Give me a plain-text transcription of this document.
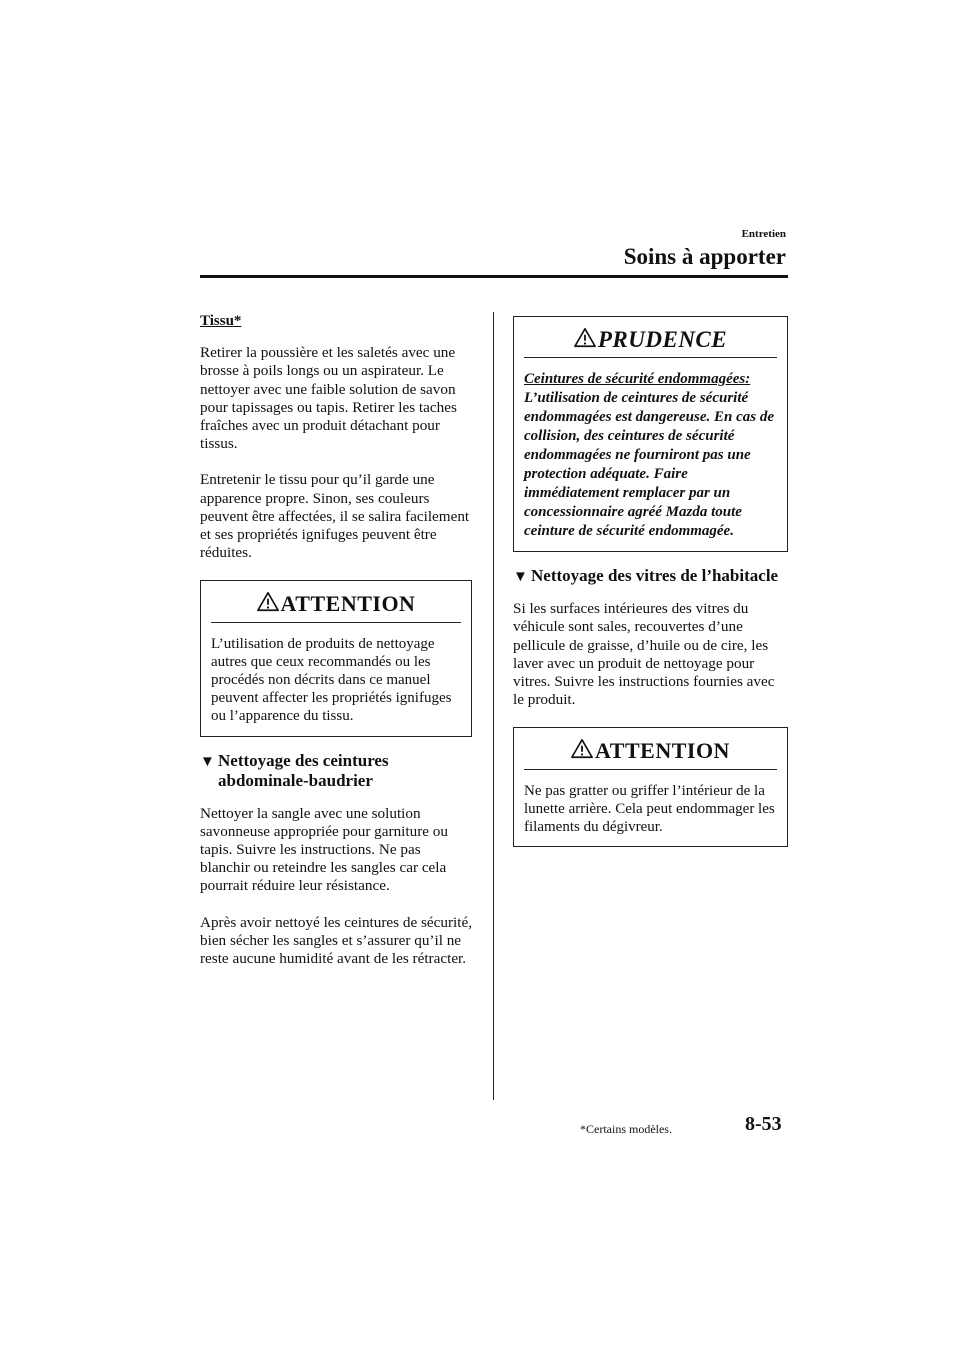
Entretien
Soins à apporter
Tissu*

Retirer la poussière et les saletés avec une brosse à poils longs ou un aspirateur. Le nettoyer avec une faible solution de savon pour tapissages ou tapis. Retirer les taches fraîches avec un produit détachant pour tissus.

Entretenir le tissu pour qu’il garde une apparence propre. Sinon, ses couleurs peuvent être affectées, il se salira facilement et ses propriétés ignifuges peuvent être réduites.

ATTENTION
L’utilisation de produits de nettoyage autres que ceux recommandés ou les procédés non décrits dans ce manuel peuvent affecter les propriétés ignifuges ou l’apparence du tissu.
▼ Nettoyage des ceintures abdominale-baudrier

Nettoyer la sangle avec une solution savonneuse appropriée pour garniture ou tapis. Suivre les instructions. Ne pas blanchir ou reteindre les sangles car cela pourrait réduire leur résistance.

Après avoir nettoyé les ceintures de sécurité, bien sécher les sangles et s’assurer qu’il ne reste aucune humidité avant de les rétracter.

PRUDENCE
Ceintures de sécurité endommagées:
L’utilisation de ceintures de sécurité endommagées est dangereuse. En cas de collision, des ceintures de sécurité endommagées ne fourniront pas une protection adéquate. Faire immédiatement remplacer par un concessionnaire agréé Mazda toute ceinture de sécurité endommagée.
▼ Nettoyage des vitres de l’habitacle

Si les surfaces intérieures des vitres du véhicule sont sales, recouvertes d’une pellicule de graisse, d’huile ou de cire, les laver avec un produit de nettoyage pour vitres. Suivre les instructions fournies avec le produit.

ATTENTION
Ne pas gratter ou griffer l’intérieur de la lunette arrière. Cela peut endommager les filaments du dégivreur.
*Certains modèles.	8-53
